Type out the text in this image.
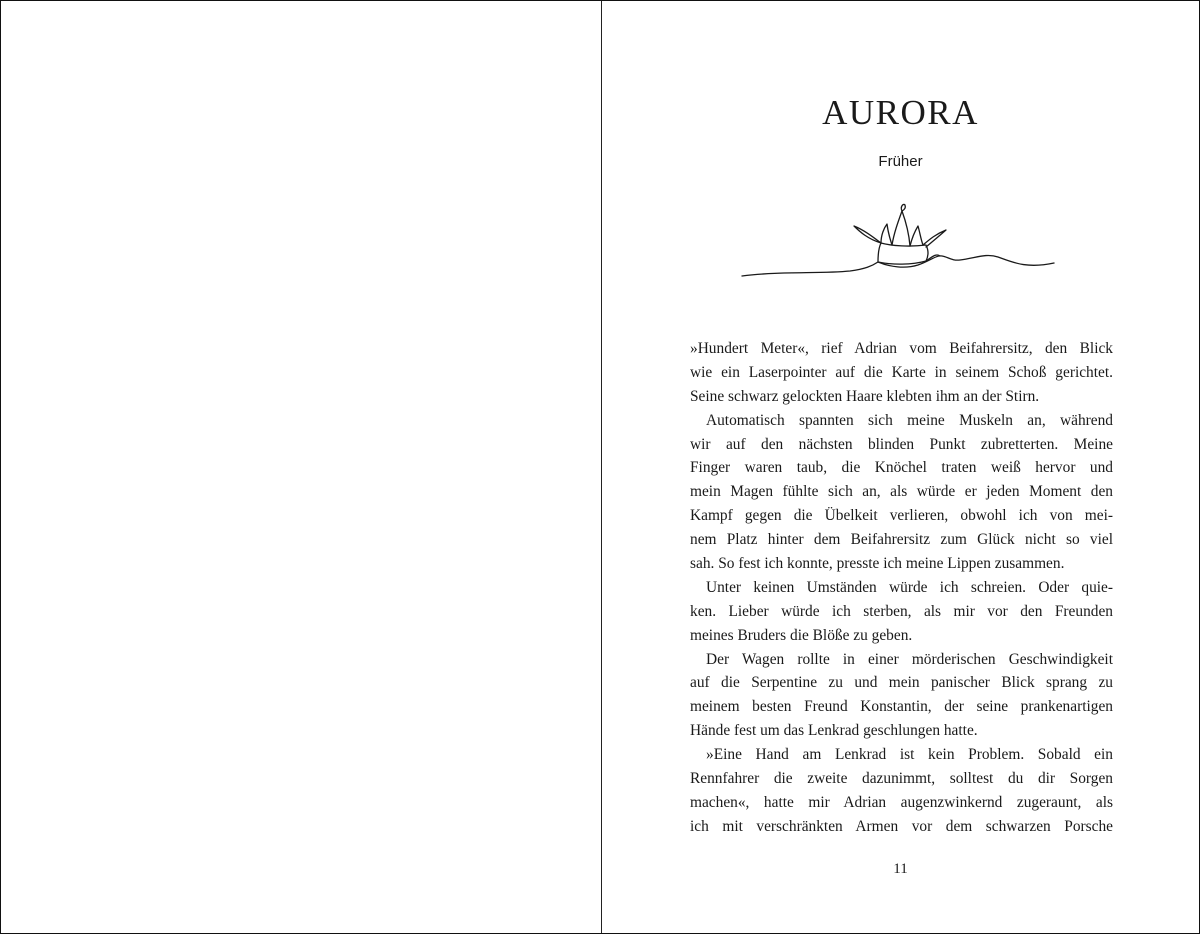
AURORA
Früher
»Hundert Meter«, rief Adrian vom Beifahrersitz, den Blick
wie ein Laserpointer auf die Karte in seinem Schoß gerichtet.
Seine schwarz gelockten Haare klebten ihm an der Stirn.
Automatisch spannten sich meine Muskeln an, während
wir auf den nächsten blinden Punkt zubretterten. Meine
Finger waren taub, die Knöchel traten weiß hervor und
mein Magen fühlte sich an, als würde er jeden Moment den
Kampf gegen die Übelkeit verlieren, obwohl ich von mei-
nem Platz hinter dem Beifahrersitz zum Glück nicht so viel
sah. So fest ich konnte, presste ich meine Lippen zusammen.
Unter keinen Umständen würde ich schreien. Oder quie-
ken. Lieber würde ich sterben, als mir vor den Freunden
meines Bruders die Blöße zu geben.
Der Wagen rollte in einer mörderischen Geschwindigkeit
auf die Serpentine zu und mein panischer Blick sprang zu
meinem besten Freund Konstantin, der seine prankenartigen
Hände fest um das Lenkrad geschlungen hatte.
»Eine Hand am Lenkrad ist kein Problem. Sobald ein
Rennfahrer die zweite dazunimmt, solltest du dir Sorgen
machen«, hatte mir Adrian augenzwinkernd zugeraunt, als
ich mit verschränkten Armen vor dem schwarzen Porsche
11
